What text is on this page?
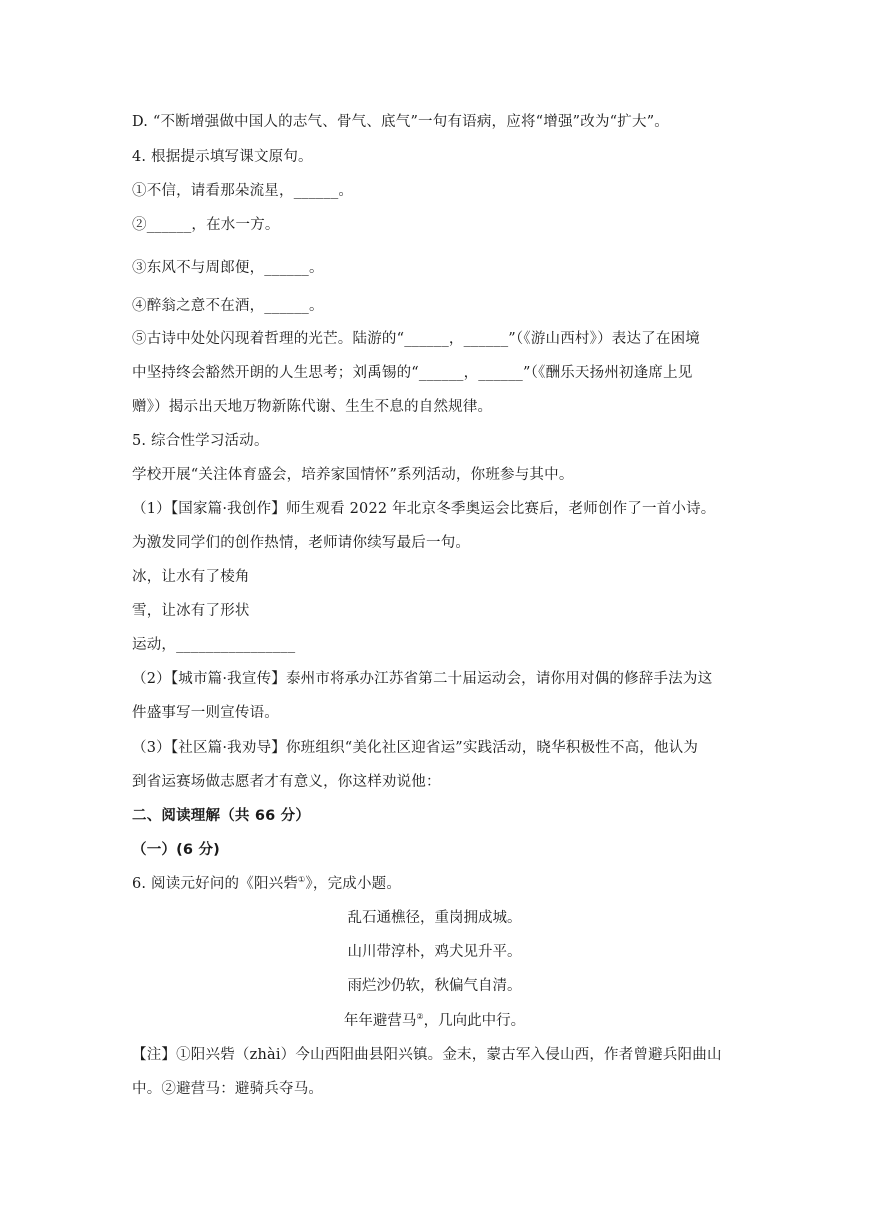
D. “不断增强做中国人的志气、骨气、底气”一句有语病，应将“增强”改为“扩大”。
4. 根据提示填写课文原句。
①不信，请看那朵流星，______。
②______，在水一方。
③东风不与周郎便，______。
④醉翁之意不在酒，______。
⑤古诗中处处闪现着哲理的光芒。陆游的“______，______”（《游山西村》）表达了在困境
中坚持终会豁然开朗的人生思考；刘禹锡的“______，______”（《酬乐天扬州初逢席上见
赠》）揭示出天地万物新陈代谢、生生不息的自然规律。
5. 综合性学习活动。
学校开展“关注体育盛会，培养家国情怀”系列活动，你班参与其中。
（1）【国家篇·我创作】师生观看 2022 年北京冬季奥运会比赛后，老师创作了一首小诗。
为激发同学们的创作热情，老师请你续写最后一句。
冰，让水有了棱角
雪，让冰有了形状
运动，________________
（2）【城市篇·我宣传】泰州市将承办江苏省第二十届运动会，请你用对偶的修辞手法为这
件盛事写一则宣传语。
（3）【社区篇·我劝导】你班组织“美化社区迎省运”实践活动，晓华积极性不高，他认为
到省运赛场做志愿者才有意义，你这样劝说他：
二、阅读理解（共 66 分）
（一）(6 分)
6. 阅读元好问的《阳兴砦①》，完成小题。
乱石通樵径，重岗拥成城。
山川带淳朴，鸡犬见升平。
雨烂沙仍软，秋偏气自清。
年年避营马②，几向此中行。
【注】①阳兴砦（zhài）今山西阳曲县阳兴镇。金末，蒙古军入侵山西，作者曾避兵阳曲山
中。②避营马：避骑兵夺马。
